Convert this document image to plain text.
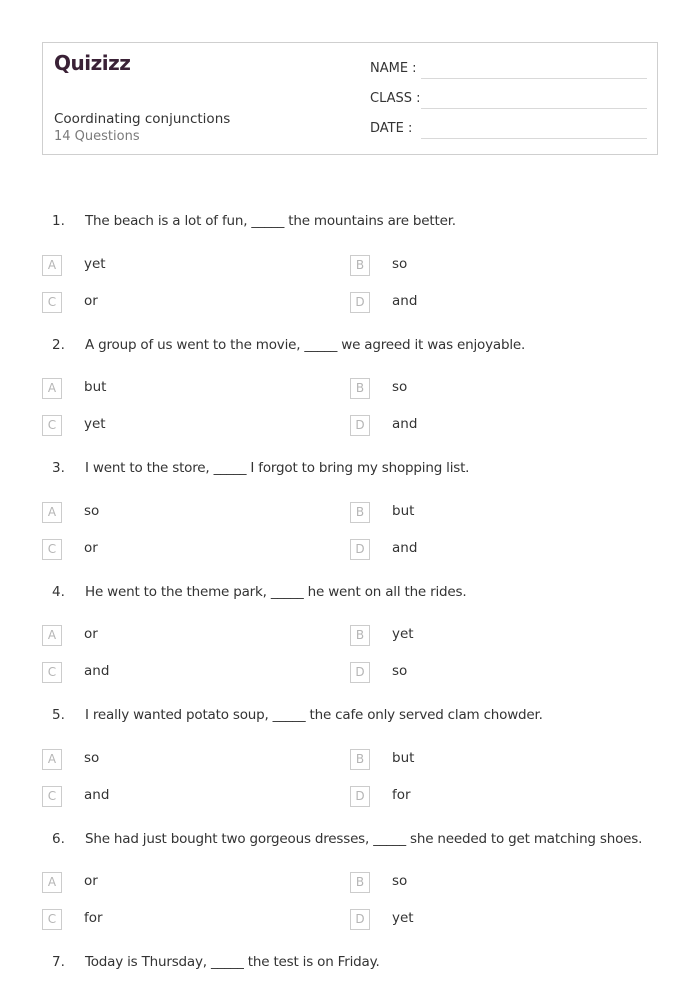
Quizizz
Coordinating conjunctions
14 Questions
NAME :
CLASS :
DATE :
1. The beach is a lot of fun, _____ the mountains are better.
A	yet	B	so
C	or	D	and
2. A group of us went to the movie, _____ we agreed it was enjoyable.
A	but	B	so
C	yet	D	and
3. I went to the store, _____ I forgot to bring my shopping list.
A	so	B	but
C	or	D	and
4. He went to the theme park, _____ he went on all the rides.
A	or	B	yet
C	and	D	so
5. I really wanted potato soup, _____ the cafe only served clam chowder.
A	so	B	but
C	and	D	for
6. She had just bought two gorgeous dresses, _____ she needed to get matching shoes.
A	or	B	so
C	for	D	yet
7. Today is Thursday, _____ the test is on Friday.
